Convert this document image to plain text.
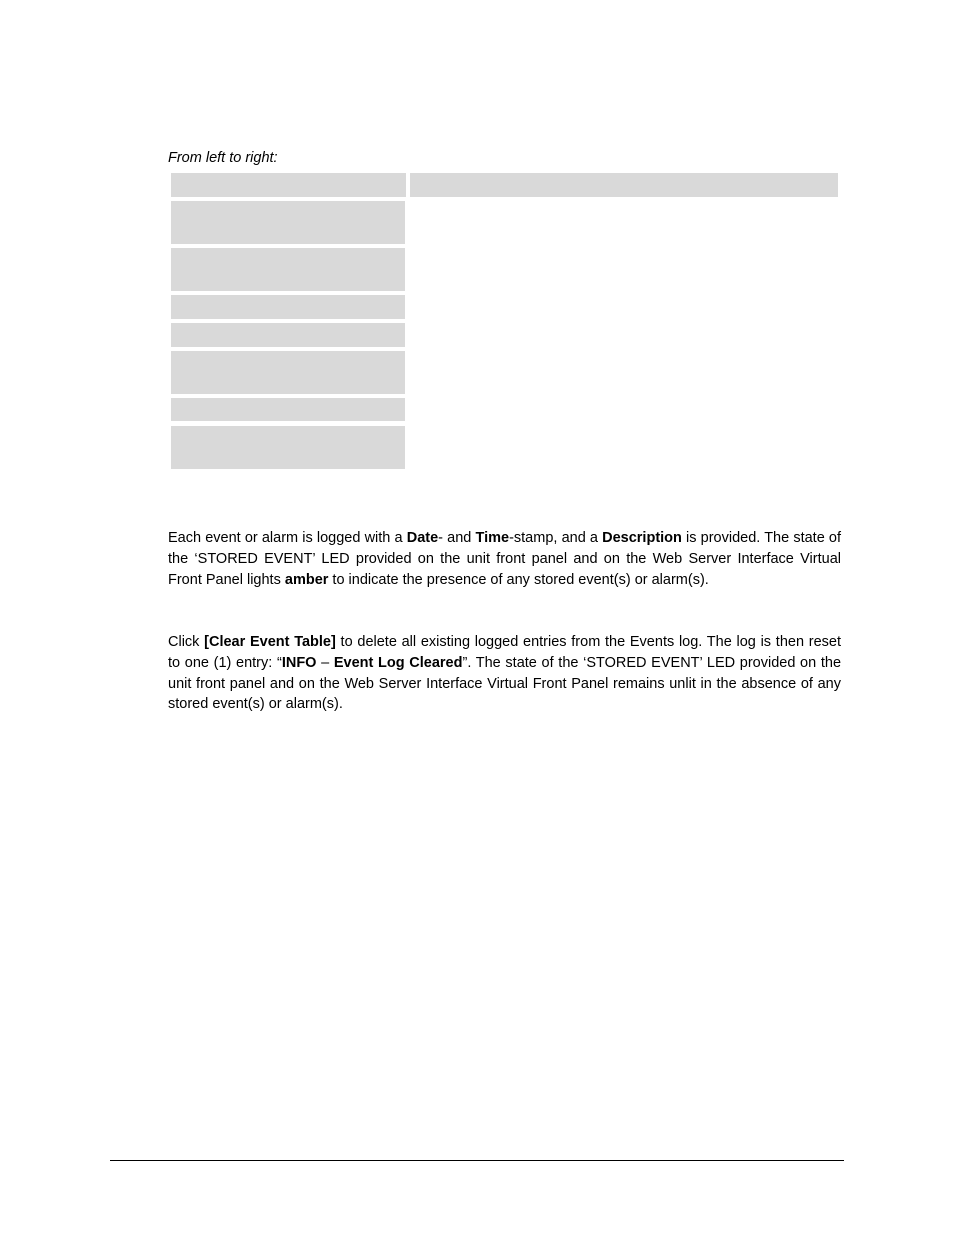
From left to right:
Each event or alarm is logged with a Date- and Time-stamp, and a Description is provided. The state of the ‘STORED EVENT’ LED provided on the unit front panel and on the Web Server Interface Virtual Front Panel lights amber to indicate the presence of any stored event(s) or alarm(s).
Click [Clear Event Table] to delete all existing logged entries from the Events log. The log is then reset to one (1) entry: “INFO – Event Log Cleared”. The state of the ‘STORED EVENT’ LED provided on the unit front panel and on the Web Server Interface Virtual Front Panel remains unlit in the absence of any stored event(s) or alarm(s).
